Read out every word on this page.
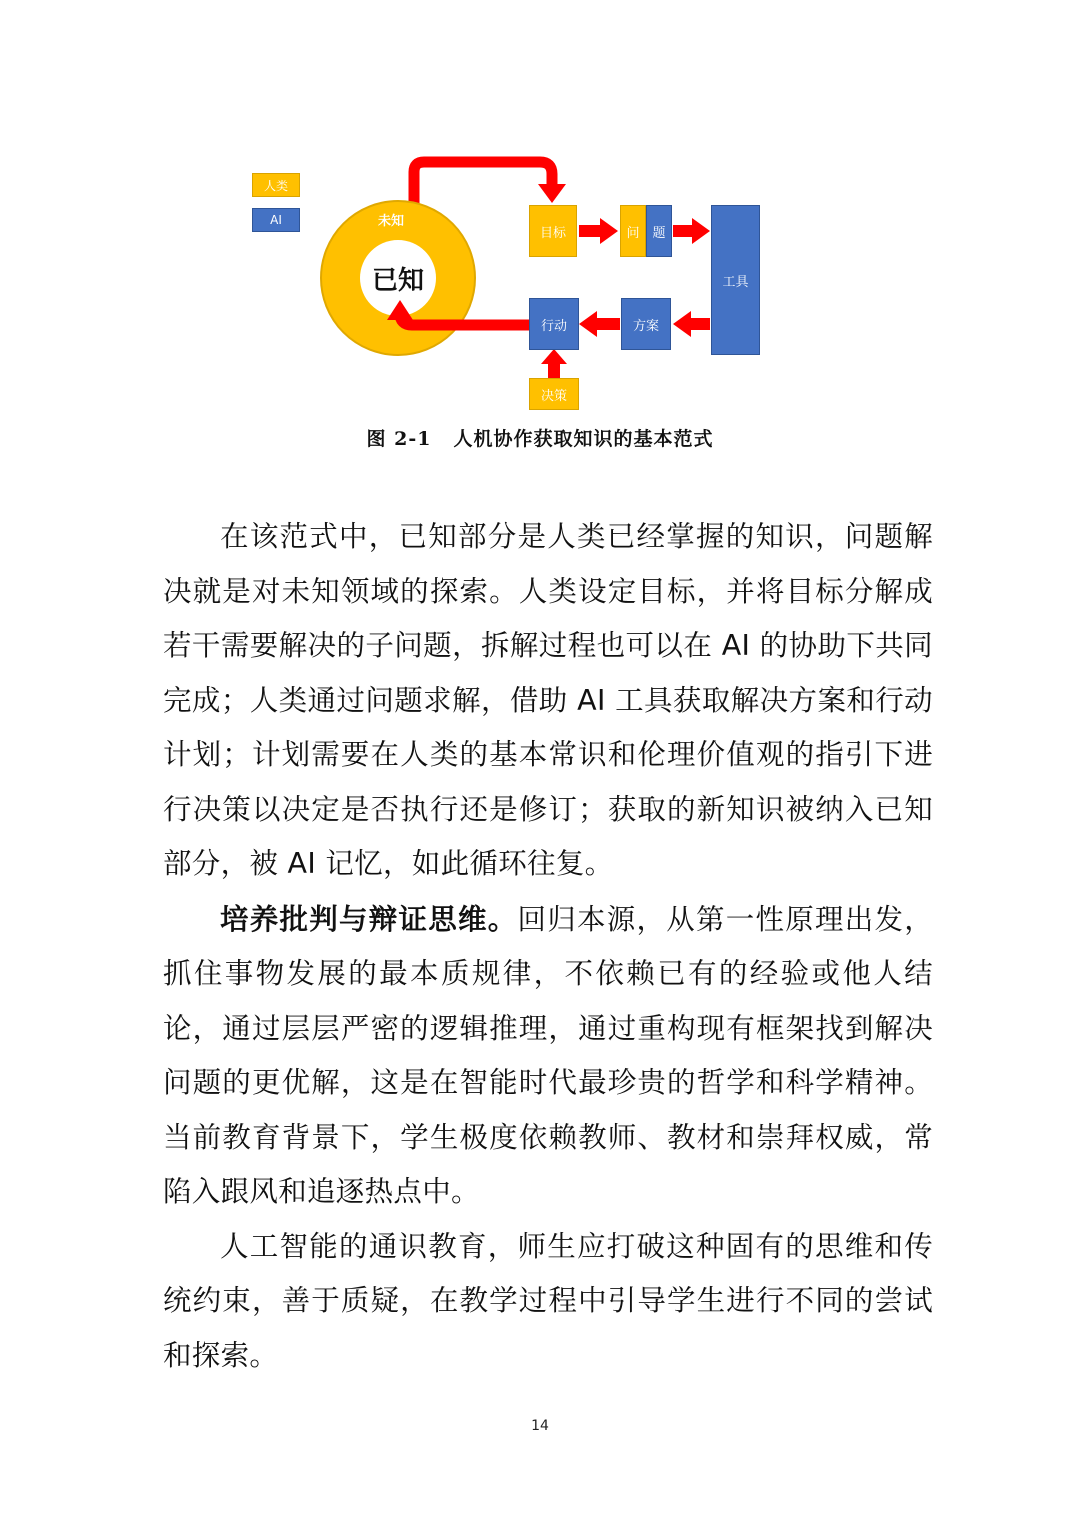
人类
AI	未知
已知
目标	问 题
工具
方案
行动
决策
图 2-1 人机协作获取知识的基本范式

在该范式中，已知部分是人类已经掌握的知识，问题解决就是对未知领域的探索。人类设定目标，并将目标分解成若干需要解决的子问题，拆解过程也可以在 AI 的协助下共同完成；人类通过问题求解，借助 AI 工具获取解决方案和行动计划；计划需要在人类的基本常识和伦理价值观的指引下进行决策以决定是否执行还是修订；获取的新知识被纳入已知部分，被 AI 记忆，如此循环往复。

培养批判与辩证思维。回归本源，从第一性原理出发，抓住事物发展的最本质规律，不依赖已有的经验或他人结论，通过层层严密的逻辑推理，通过重构现有框架找到解决问题的更优解，这是在智能时代最珍贵的哲学和科学精神。当前教育背景下，学生极度依赖教师、教材和崇拜权威，常陷入跟风和追逐热点中。

人工智能的通识教育，师生应打破这种固有的思维和传统约束，善于质疑，在教学过程中引导学生进行不同的尝试和探索。

14
